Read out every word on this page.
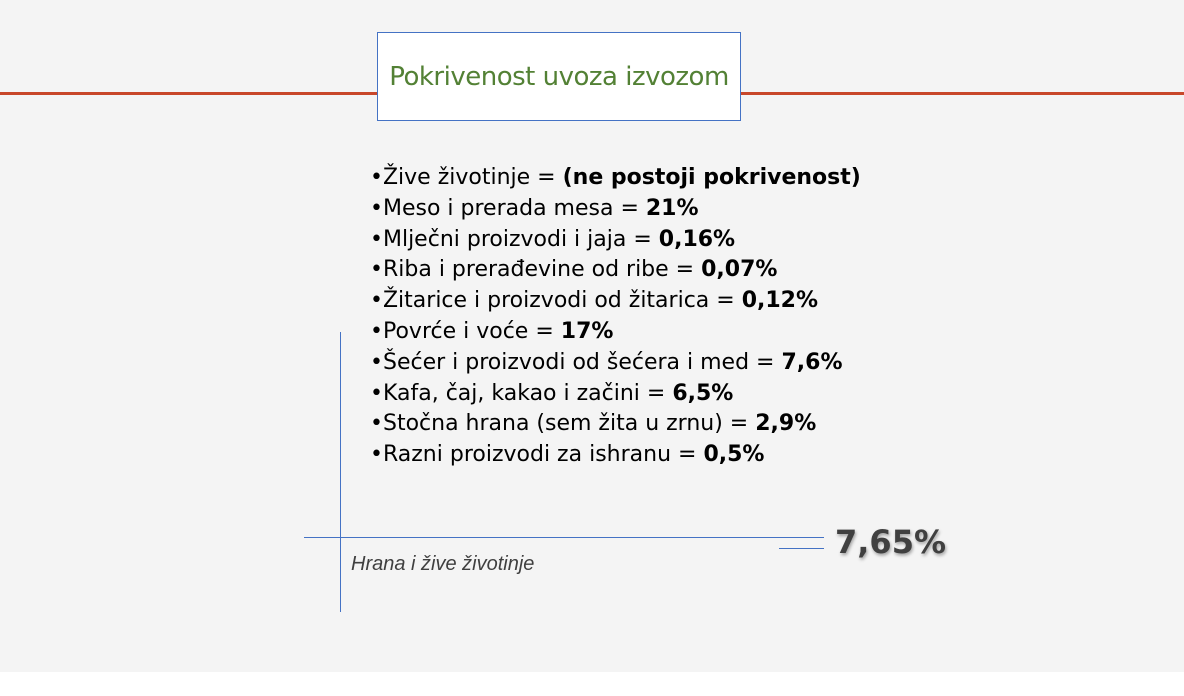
Pokrivenost uvoza izvozom
•Žive životinje = (ne postoji pokrivenost)
•Meso i prerada mesa = 21%
•Mlječni proizvodi i jaja = 0,16%
•Riba i prerađevine od ribe = 0,07%
•Žitarice i proizvodi od žitarica = 0,12%
•Povrće i voće = 17%
•Šećer i proizvodi od šećera i med = 7,6%
•Kafa, čaj, kakao i začini = 6,5%
•Stočna hrana (sem žita u zrnu) = 2,9%
•Razni proizvodi za ishranu = 0,5%
7,65%
Hrana i žive životinje
